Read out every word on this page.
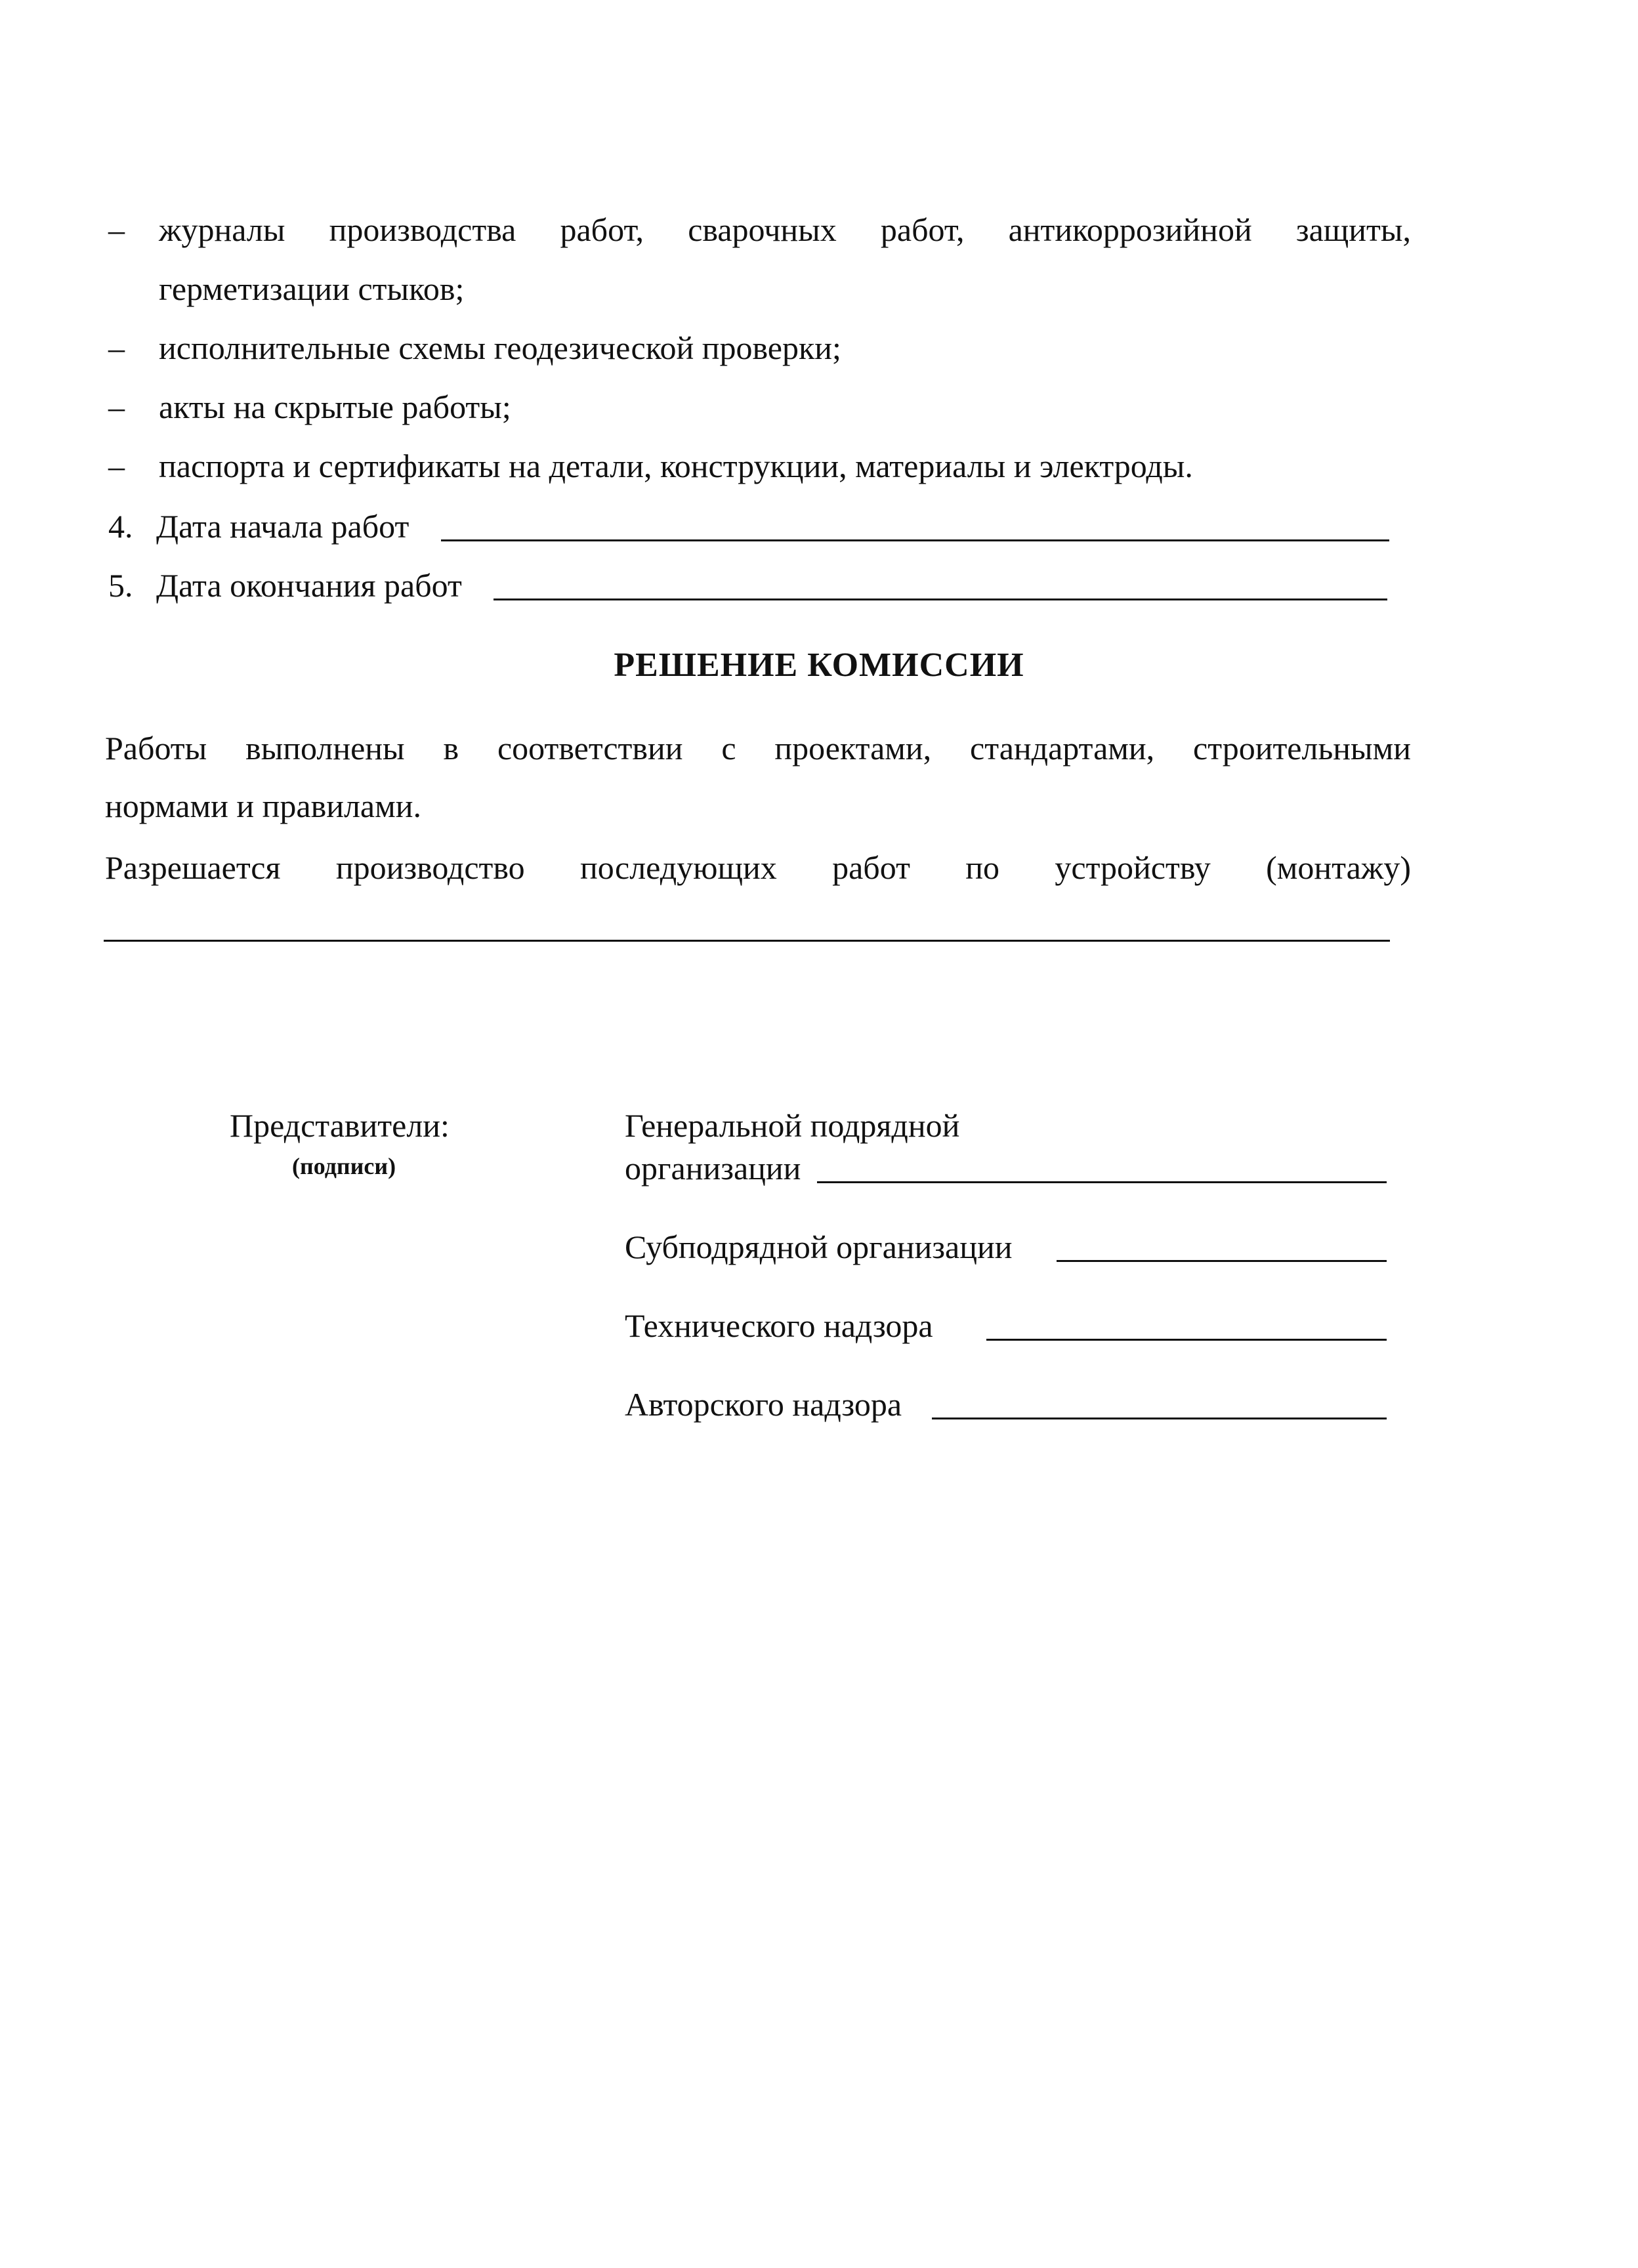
– журналы производства работ, сварочных работ, антикоррозийной защиты,
герметизации стыков;
– исполнительные схемы геодезической проверки;
– акты на скрытые работы;
– паспорта и сертификаты на детали, конструкции, материалы и электроды.
4. Дата начала работ
5. Дата окончания работ
РЕШЕНИЕ КОМИССИИ
Работы выполнены в соответствии с проектами, стандартами, строительными
нормами и правилами.
Разрешается производство последующих работ по устройству (монтажу)
Представители:
(подписи)
Генеральной подрядной
организации
Субподрядной организации
Технического надзора
Авторского надзора
